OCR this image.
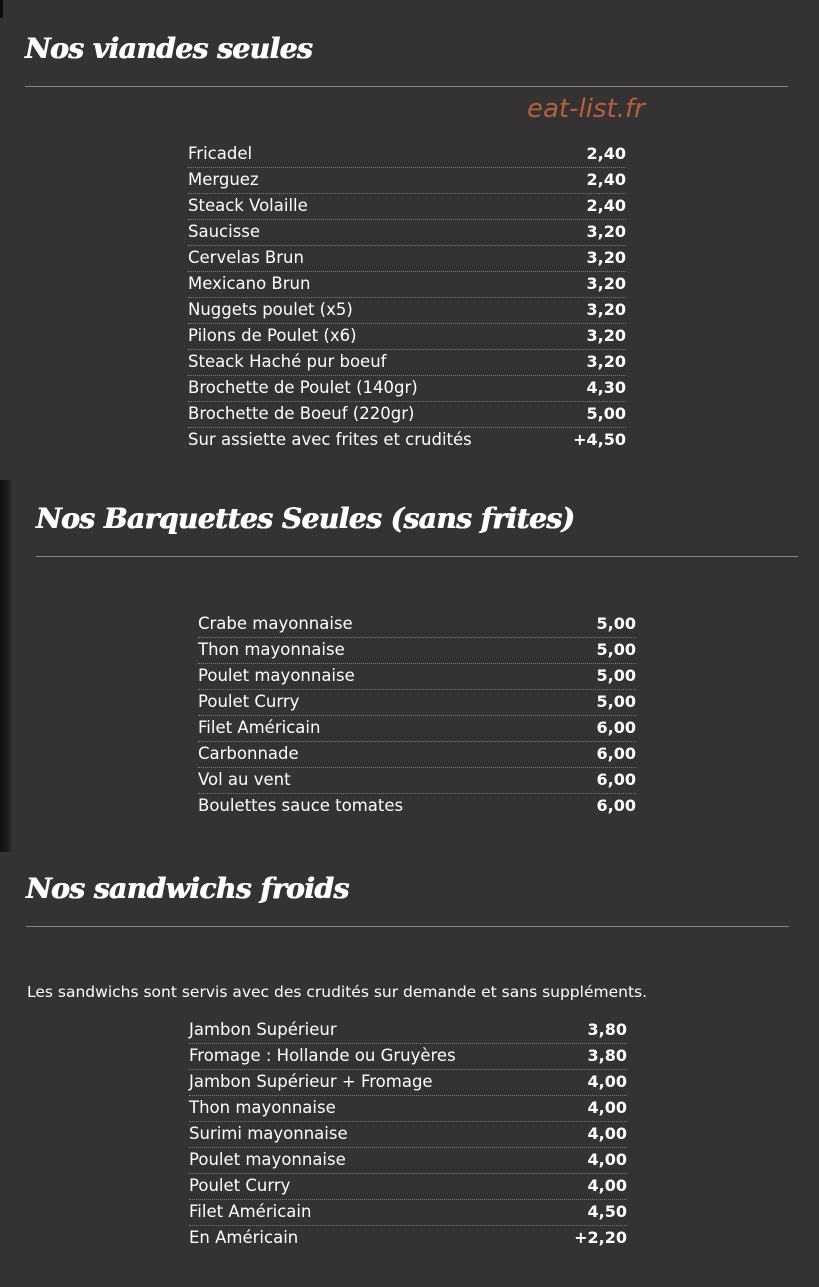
Nos viandes seules
eat-list.fr
Fricadel	2,40
Merguez	2,40
Steack Volaille	2,40
Saucisse	3,20
Cervelas Brun	3,20
Mexicano Brun	3,20
Nuggets poulet (x5)	3,20
Pilons de Poulet (x6)	3,20
Steack Haché pur boeuf	3,20
Brochette de Poulet (140gr)	4,30
Brochette de Boeuf (220gr)	5,00
Sur assiette avec frites et crudités	+4,50
Nos Barquettes Seules (sans frites)
Crabe mayonnaise	5,00
Thon mayonnaise	5,00
Poulet mayonnaise	5,00
Poulet Curry	5,00
Filet Américain	6,00
Carbonnade	6,00
Vol au vent	6,00
Boulettes sauce tomates	6,00
Nos sandwichs froids
Les sandwichs sont servis avec des crudités sur demande et sans suppléments.
Jambon Supérieur	3,80
Fromage : Hollande ou Gruyères	3,80
Jambon Supérieur + Fromage	4,00
Thon mayonnaise	4,00
Surimi mayonnaise	4,00
Poulet mayonnaise	4,00
Poulet Curry	4,00
Filet Américain	4,50
En Américain	+2,20
